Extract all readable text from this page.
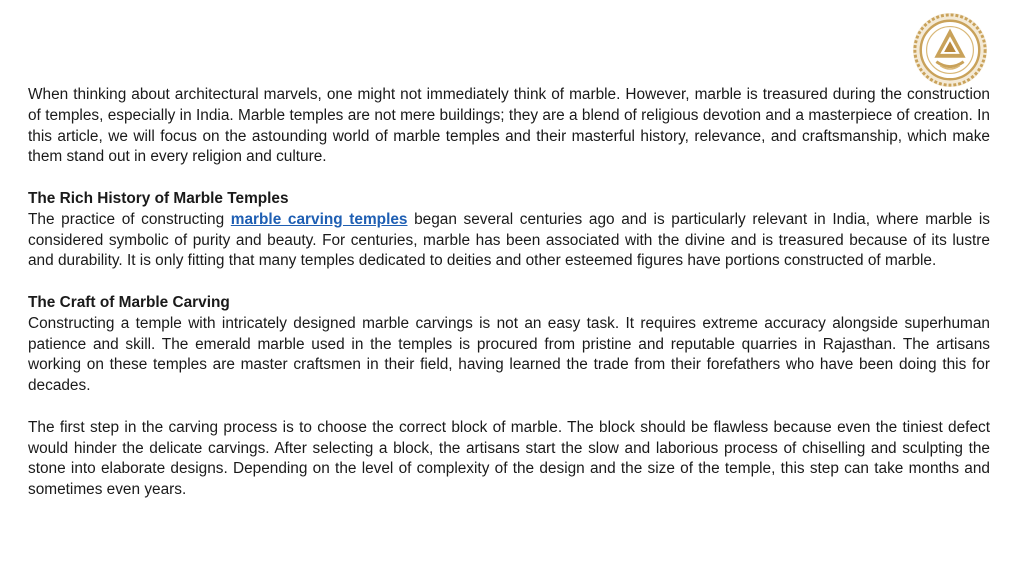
When thinking about architectural marvels, one might not immediately think of marble. However, marble is treasured during the construction of temples, especially in India. Marble temples are not mere buildings; they are a blend of religious devotion and a masterpiece of creation. In this article, we will focus on the astounding world of marble temples and their masterful history, relevance, and craftsmanship, which make them stand out in every religion and culture.

The Rich History of Marble Temples

The practice of constructing marble carving temples began several centuries ago and is particularly relevant in India, where marble is considered symbolic of purity and beauty. For centuries, marble has been associated with the divine and is treasured because of its lustre and durability. It is only fitting that many temples dedicated to deities and other esteemed figures have portions constructed of marble.

The Craft of Marble Carving

Constructing a temple with intricately designed marble carvings is not an easy task. It requires extreme accuracy alongside superhuman patience and skill. The emerald marble used in the temples is procured from pristine and reputable quarries in Rajasthan. The artisans working on these temples are master craftsmen in their field, having learned the trade from their forefathers who have been doing this for decades.

The first step in the carving process is to choose the correct block of marble. The block should be flawless because even the tiniest defect would hinder the delicate carvings. After selecting a block, the artisans start the slow and laborious process of chiselling and sculpting the stone into elaborate designs. Depending on the level of complexity of the design and the size of the temple, this step can take months and sometimes even years.
